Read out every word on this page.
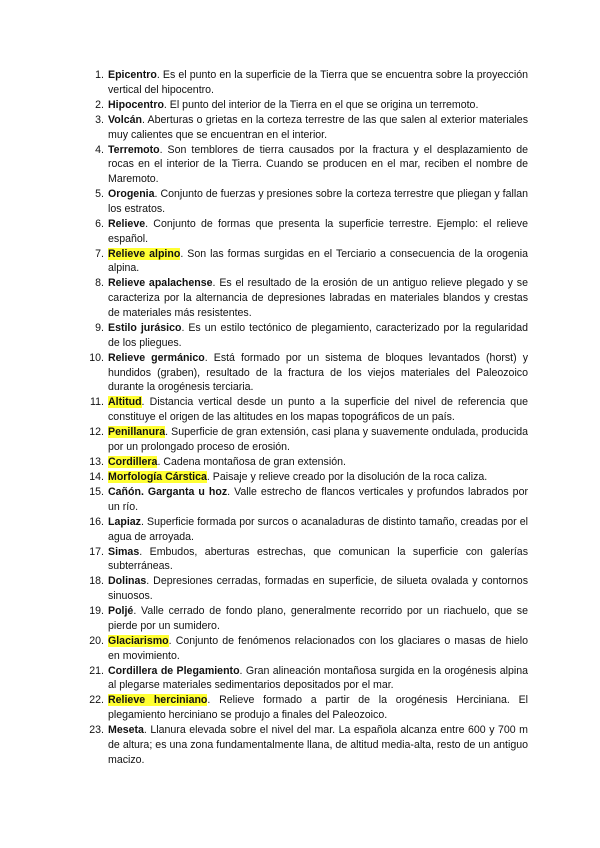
1. Epicentro. Es el punto en la superficie de la Tierra que se encuentra sobre la proyección vertical del hipocentro.
2. Hipocentro. El punto del interior de la Tierra en el que se origina un terremoto.
3. Volcán. Aberturas o grietas en la corteza terrestre de las que salen al exterior materiales muy calientes que se encuentran en el interior.
4. Terremoto. Son temblores de tierra causados por la fractura y el desplazamiento de rocas en el interior de la Tierra. Cuando se producen en el mar, reciben el nombre de Maremoto.
5. Orogenia. Conjunto de fuerzas y presiones sobre la corteza terrestre que pliegan y fallan los estratos.
6. Relieve. Conjunto de formas que presenta la superficie terrestre. Ejemplo: el relieve español.
7. Relieve alpino. Son las formas surgidas en el Terciario a consecuencia de la orogenia alpina.
8. Relieve apalachense. Es el resultado de la erosión de un antiguo relieve plegado y se caracteriza por la alternancia de depresiones labradas en materiales blandos y crestas de materiales más resistentes.
9. Estilo jurásico. Es un estilo tectónico de plegamiento, caracterizado por la regularidad de los pliegues.
10. Relieve germánico. Está formado por un sistema de bloques levantados (horst) y hundidos (graben), resultado de la fractura de los viejos materiales del Paleozoico durante la orogénesis terciaria.
11. Altitud. Distancia vertical desde un punto a la superficie del nivel de referencia que constituye el origen de las altitudes en los mapas topográficos de un país.
12. Penillanura. Superficie de gran extensión, casi plana y suavemente ondulada, producida por un prolongado proceso de erosión.
13. Cordillera. Cadena montañosa de gran extensión.
14. Morfología Cárstica. Paisaje y relieve creado por la disolución de la roca caliza.
15. Cañón. Garganta u hoz. Valle estrecho de flancos verticales y profundos labrados por un río.
16. Lapiaz. Superficie formada por surcos o acanaladuras de distinto tamaño, creadas por el agua de arroyada.
17. Simas. Embudos, aberturas estrechas, que comunican la superficie con galerías subterráneas.
18. Dolinas. Depresiones cerradas, formadas en superficie, de silueta ovalada y contornos sinuosos.
19. Poljé. Valle cerrado de fondo plano, generalmente recorrido por un riachuelo, que se pierde por un sumidero.
20. Glaciarismo. Conjunto de fenómenos relacionados con los glaciares o masas de hielo en movimiento.
21. Cordillera de Plegamiento. Gran alineación montañosa surgida en la orogénesis alpina al plegarse materiales sedimentarios depositados por el mar.
22. Relieve herciniano. Relieve formado a partir de la orogénesis Herciniana. El plegamiento herciniano se produjo a finales del Paleozoico.
23. Meseta. Llanura elevada sobre el nivel del mar. La española alcanza entre 600 y 700 m de altura; es una zona fundamentalmente llana, de altitud media-alta, resto de un antiguo macizo.
